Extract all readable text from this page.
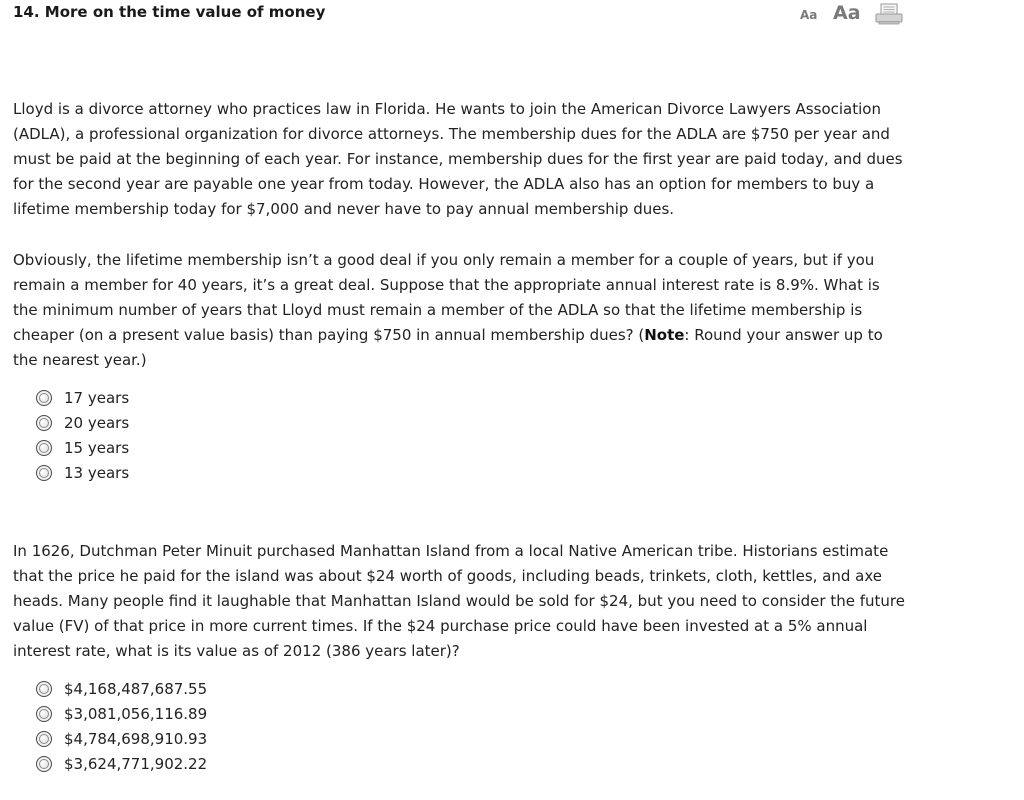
14. More on the time value of money	Aa Aa

Lloyd is a divorce attorney who practices law in Florida. He wants to join the American Divorce Lawyers Association (ADLA), a professional organization for divorce attorneys. The membership dues for the ADLA are $750 per year and must be paid at the beginning of each year. For instance, membership dues for the first year are paid today, and dues for the second year are payable one year from today. However, the ADLA also has an option for members to buy a lifetime membership today for $7,000 and never have to pay annual membership dues.

Obviously, the lifetime membership isn’t a good deal if you only remain a member for a couple of years, but if you remain a member for 40 years, it’s a great deal. Suppose that the appropriate annual interest rate is 8.9%. What is the minimum number of years that Lloyd must remain a member of the ADLA so that the lifetime membership is cheaper (on a present value basis) than paying $750 in annual membership dues? (Note: Round your answer up to the nearest year.)

17 years
20 years
15 years
13 years

In 1626, Dutchman Peter Minuit purchased Manhattan Island from a local Native American tribe. Historians estimate that the price he paid for the island was about $24 worth of goods, including beads, trinkets, cloth, kettles, and axe heads. Many people find it laughable that Manhattan Island would be sold for $24, but you need to consider the future value (FV) of that price in more current times. If the $24 purchase price could have been invested at a 5% annual interest rate, what is its value as of 2012 (386 years later)?

$4,168,487,687.55
$3,081,056,116.89
$4,784,698,910.93
$3,624,771,902.22
